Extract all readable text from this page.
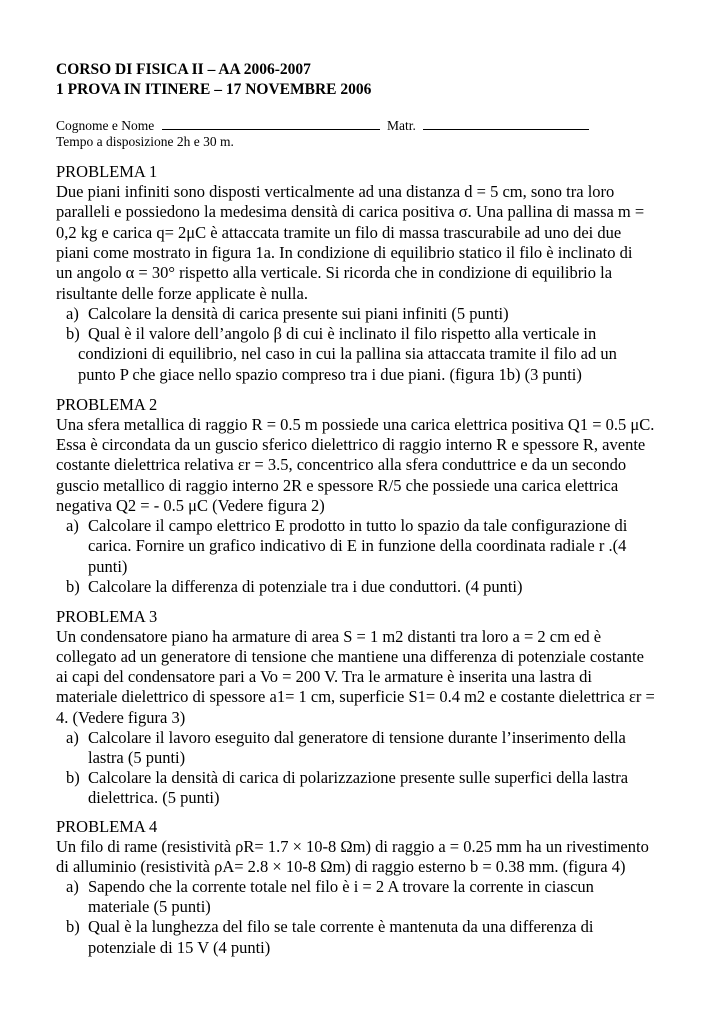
CORSO DI FISICA II – AA 2006-2007
1 PROVA IN ITINERE – 17 NOVEMBRE 2006
Cognome e Nome	Matr.
Tempo a disposizione 2h e 30 m.
PROBLEMA 1
Due piani infiniti sono disposti verticalmente ad una distanza d = 5 cm, sono tra loro
paralleli e possiedono la medesima densità di carica positiva σ. Una pallina di massa m =
0,2 kg e carica q= 2μC è attaccata tramite un filo di massa trascurabile ad uno dei due
piani come mostrato in figura 1a. In condizione di equilibrio statico il filo è inclinato di
un angolo α = 30° rispetto alla verticale. Si ricorda che in condizione di equilibrio la
risultante delle forze applicate è nulla.
a) Calcolare la densità di carica presente sui piani infiniti (5 punti)
b) Qual è il valore dell’angolo β di cui è inclinato il filo rispetto alla verticale in
condizioni di equilibrio, nel caso in cui la pallina sia attaccata tramite il filo ad un
punto P che giace nello spazio compreso tra i due piani. (figura 1b) (3 punti)
PROBLEMA 2
Una sfera metallica di raggio R = 0.5 m possiede una carica elettrica positiva Q1 = 0.5 μC.
Essa è circondata da un guscio sferico dielettrico di raggio interno R e spessore R, avente
costante dielettrica relativa εr = 3.5, concentrico alla sfera conduttrice e da un secondo
guscio metallico di raggio interno 2R e spessore R/5 che possiede una carica elettrica
negativa Q2 = - 0.5 μC (Vedere figura 2)
a) Calcolare il campo elettrico E prodotto in tutto lo spazio da tale configurazione di
carica. Fornire un grafico indicativo di E in funzione della coordinata radiale r .(4
punti)
b) Calcolare la differenza di potenziale tra i due conduttori. (4 punti)
PROBLEMA 3
Un condensatore piano ha armature di area S = 1 m2 distanti tra loro a = 2 cm ed è
collegato ad un generatore di tensione che mantiene una differenza di potenziale costante
ai capi del condensatore pari a Vo = 200 V. Tra le armature è inserita una lastra di
materiale dielettrico di spessore a1= 1 cm, superficie S1= 0.4 m2 e costante dielettrica εr =
4. (Vedere figura 3)
a) Calcolare il lavoro eseguito dal generatore di tensione durante l’inserimento della
lastra (5 punti)
b) Calcolare la densità di carica di polarizzazione presente sulle superfici della lastra
dielettrica. (5 punti)
PROBLEMA 4
Un filo di rame (resistività ρR= 1.7 × 10-8 Ωm) di raggio a = 0.25 mm ha un rivestimento
di alluminio (resistività ρA= 2.8 × 10-8 Ωm) di raggio esterno b = 0.38 mm. (figura 4)
a) Sapendo che la corrente totale nel filo è i = 2 A trovare la corrente in ciascun
materiale (5 punti)
b) Qual è la lunghezza del filo se tale corrente è mantenuta da una differenza di
potenziale di 15 V (4 punti)
